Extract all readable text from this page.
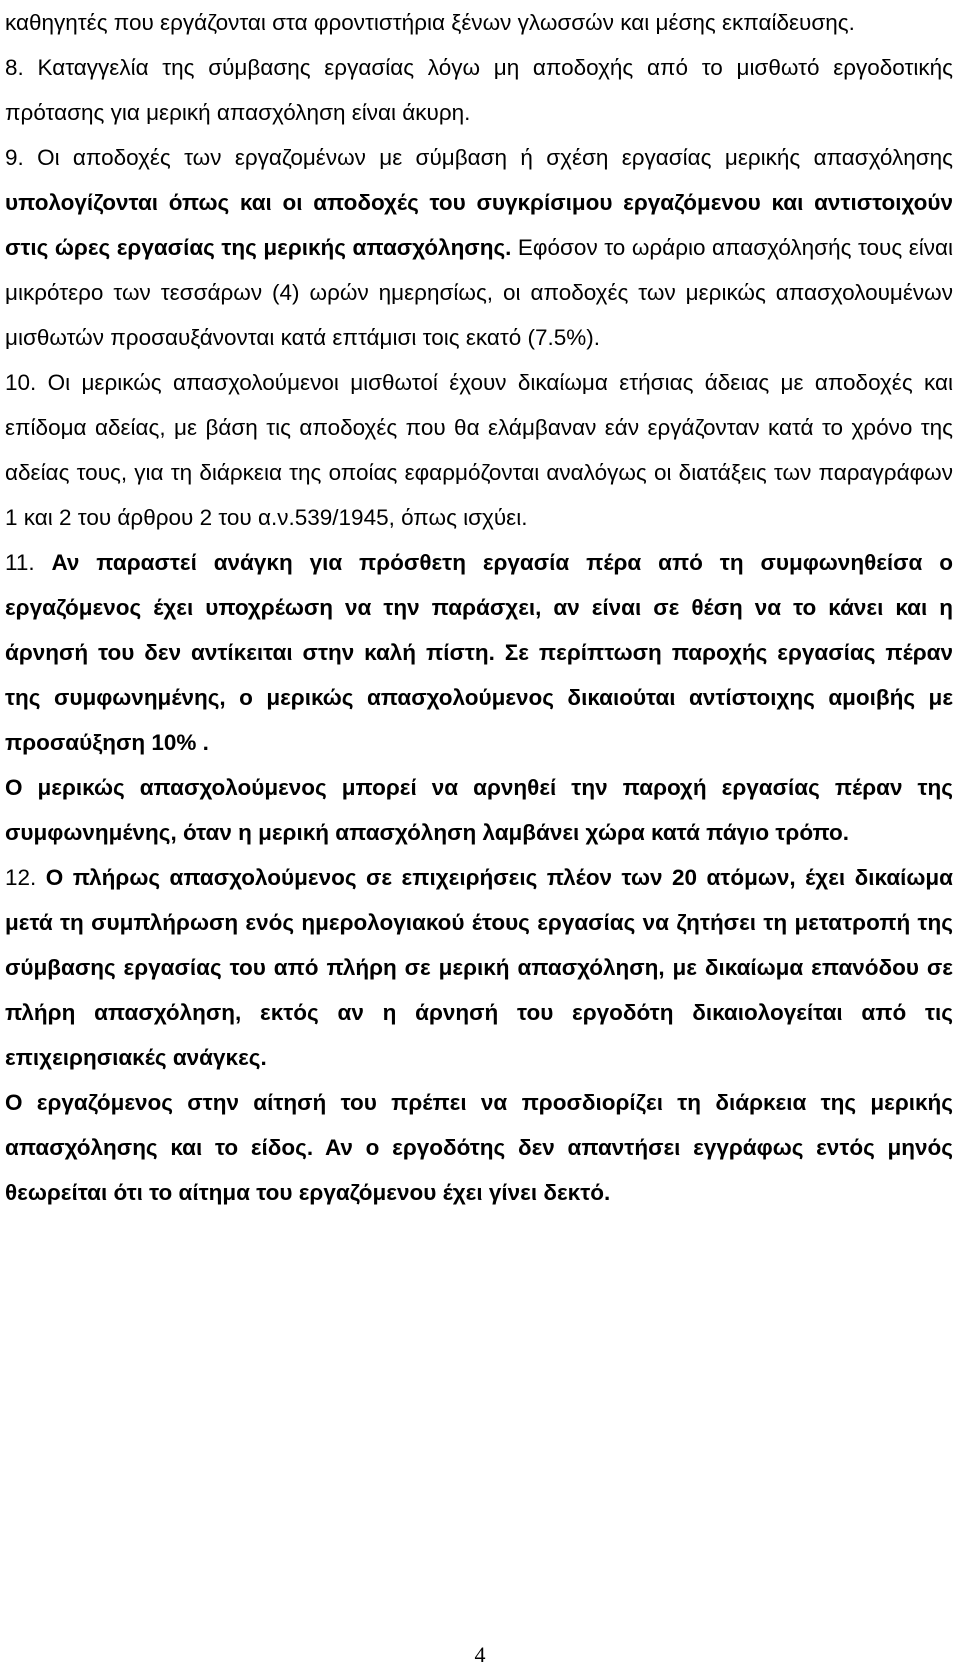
καθηγητές που εργάζονται στα φροντιστήρια ξένων γλωσσών και μέσης εκπαίδευσης.

8. Καταγγελία της σύμβασης εργασίας λόγω μη αποδοχής από το μισθωτό εργοδοτικής πρότασης για μερική απασχόληση είναι άκυρη.

9. Οι αποδοχές των εργαζομένων με σύμβαση ή σχέση εργασίας μερικής απασχόλησης υπολογίζονται όπως και οι αποδοχές του συγκρίσιμου εργαζόμενου και αντιστοιχούν στις ώρες εργασίας της μερικής απασχόλησης. Εφόσον το ωράριο απασχόλησής τους είναι μικρότερο των τεσσάρων (4) ωρών ημερησίως, οι αποδοχές των μερικώς απασχολουμένων μισθωτών προσαυξάνονται κατά επτάμισι τοις εκατό (7.5%).

10. Οι μερικώς απασχολούμενοι μισθωτοί έχουν δικαίωμα ετήσιας άδειας με αποδοχές και επίδομα αδείας, με βάση τις αποδοχές που θα ελάμβαναν εάν εργάζονταν κατά το χρόνο της αδείας τους, για τη διάρκεια της οποίας εφαρμόζονται αναλόγως οι διατάξεις των παραγράφων 1 και 2 του άρθρου 2 του α.ν.539/1945, όπως ισχύει.

11. Αν παραστεί ανάγκη για πρόσθετη εργασία πέρα από τη συμφωνηθείσα ο εργαζόμενος έχει υποχρέωση να την παράσχει, αν είναι σε θέση να το κάνει και η άρνησή του δεν αντίκειται στην καλή πίστη. Σε περίπτωση παροχής εργασίας πέραν της συμφωνημένης, ο μερικώς απασχολούμενος δικαιούται αντίστοιχης αμοιβής με προσαύξηση 10% .

Ο μερικώς απασχολούμενος μπορεί να αρνηθεί την παροχή εργασίας πέραν της συμφωνημένης, όταν η μερική απασχόληση λαμβάνει χώρα κατά πάγιο τρόπο.

12. Ο πλήρως απασχολούμενος σε επιχειρήσεις πλέον των 20 ατόμων, έχει δικαίωμα μετά τη συμπλήρωση ενός ημερολογιακού έτους εργασίας να ζητήσει τη μετατροπή της σύμβασης εργασίας του από πλήρη σε μερική απασχόληση, με δικαίωμα επανόδου σε πλήρη απασχόληση, εκτός αν η άρνησή του εργοδότη δικαιολογείται από τις επιχειρησιακές ανάγκες.

Ο εργαζόμενος στην αίτησή του πρέπει να προσδιορίζει τη διάρκεια της μερικής απασχόλησης και το είδος. Αν ο εργοδότης δεν απαντήσει εγγράφως εντός μηνός θεωρείται ότι το αίτημα του εργαζόμενου έχει γίνει δεκτό.

4
